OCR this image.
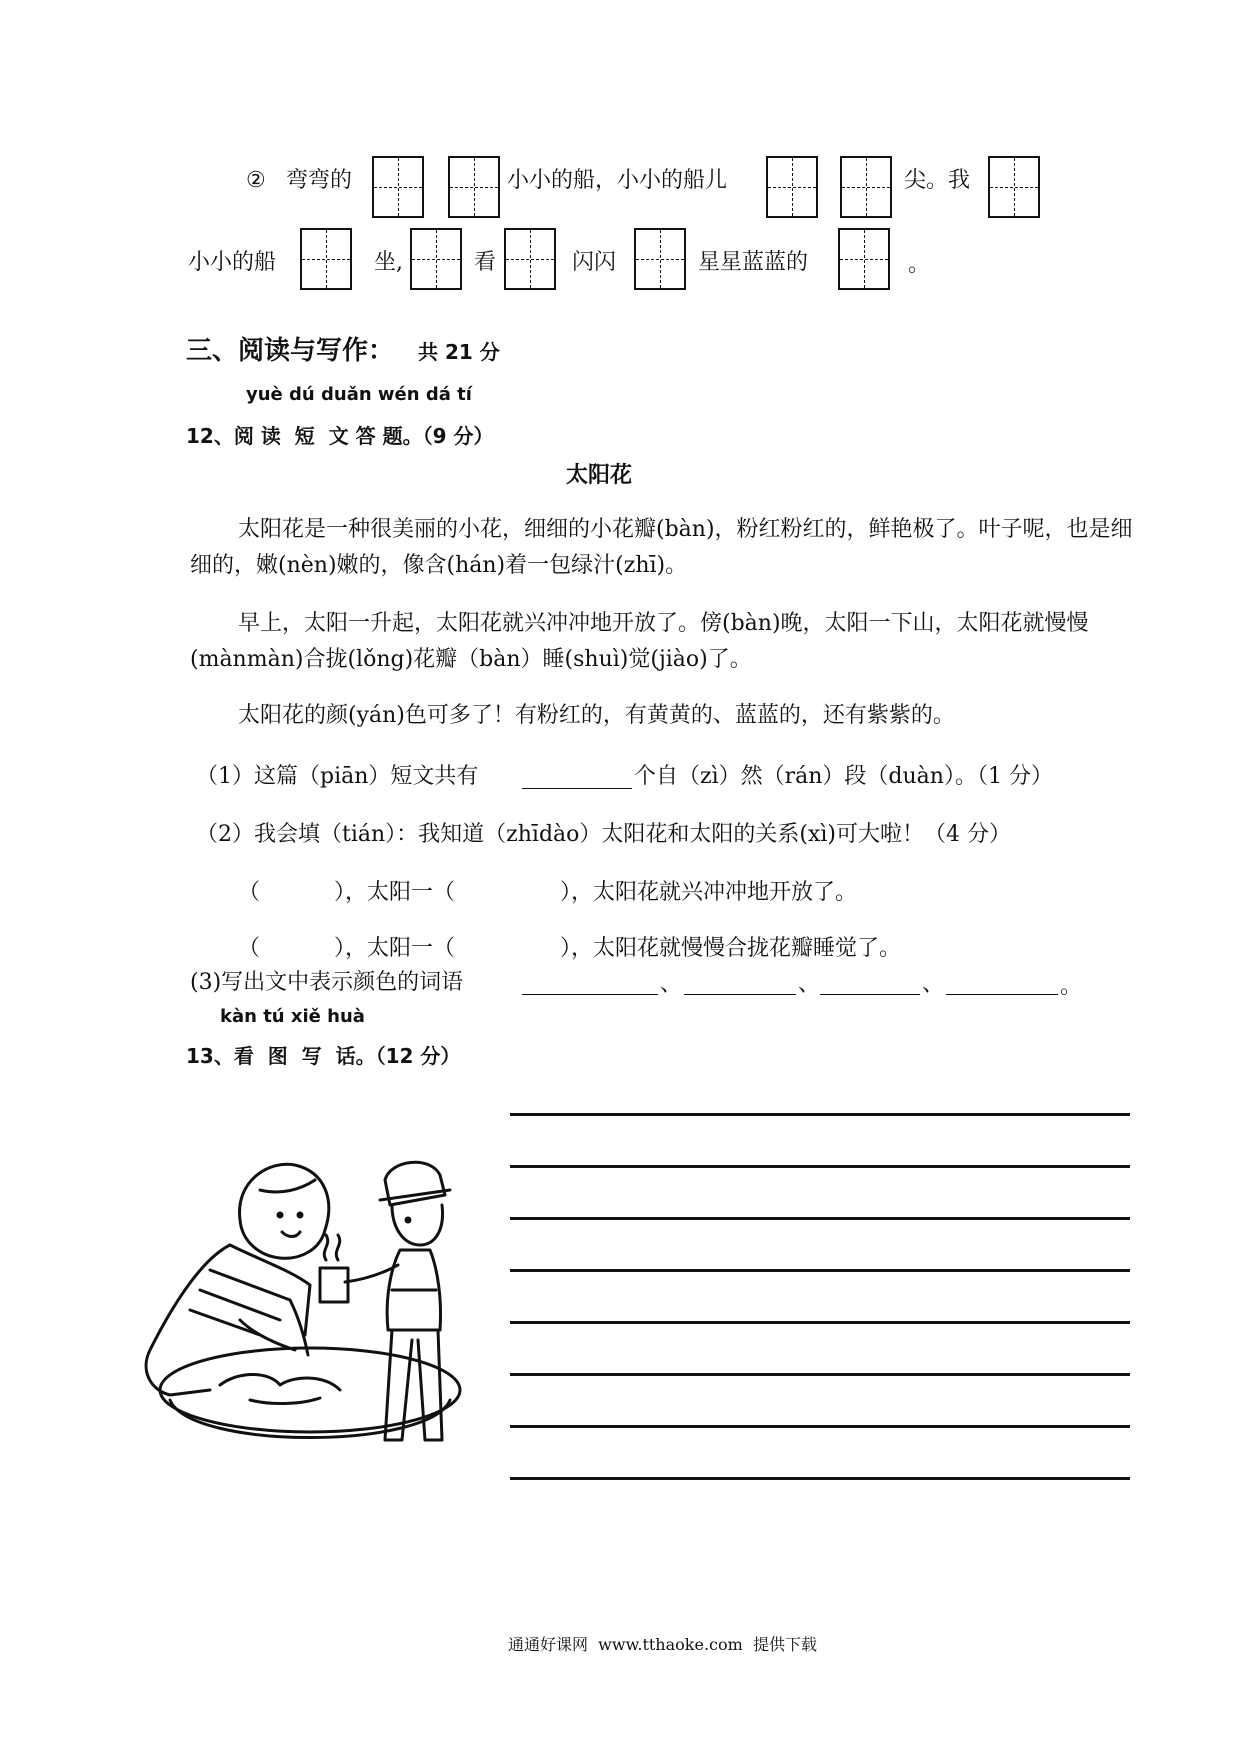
② 弯弯的	小小的船，小小的船儿	尖。我
小小的船	坐,	看	闪闪	星星蓝蓝的	。
三、阅读与写作： 共 21 分
yuè dú duǎn wén dá tí
12、阅 读  短  文 答 题。（9 分）
太阳花
太阳花是一种很美丽的小花，细细的小花瓣(bàn)，粉红粉红的，鲜艳极了。叶子呢，也是细细的，嫩(nèn)嫩的，像含(hán)着一包绿汁(zhī)。
早上，太阳一升起，太阳花就兴冲冲地开放了。傍(bàn)晚，太阳一下山，太阳花就慢慢(mànmàn)合拢(lǒng)花瓣（bàn）睡(shuì)觉(jiào)了。
太阳花的颜(yán)色可多了！有粉红的，有黄黄的、蓝蓝的，还有紫紫的。
（1）这篇（piān）短文共有	个自（zì）然（rán）段（duàn）。（1 分）
（2）我会填（tián）：我知道（zhīdào）太阳花和太阳的关系(xì)可大啦！（4 分）
（	），太阳一（	），太阳花就兴冲冲地开放了。
（	），太阳一（	），太阳花就慢慢合拢花瓣睡觉了。
(3)写出文中表示颜色的词语	、	、	、	。
kàn tú xiě huà
13、看  图  写  话。（12 分）
通通好课网  www.tthaoke.com  提供下载
